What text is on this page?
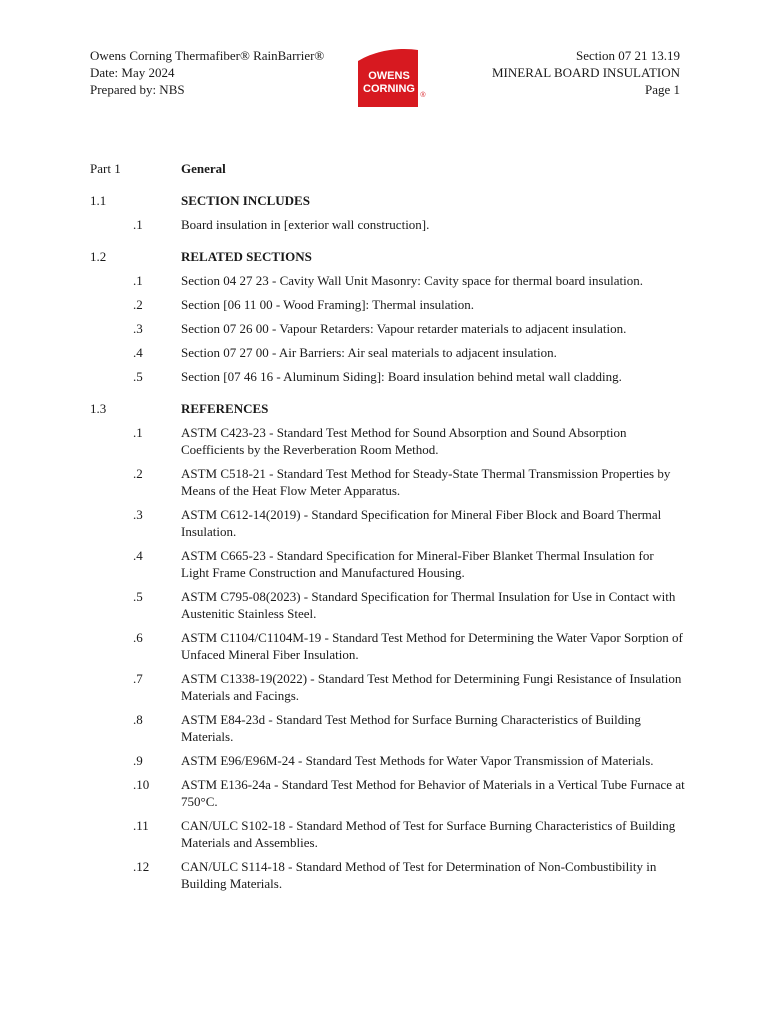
Owens Corning Thermafiber® RainBarrier®
Date: May 2024
Prepared by: NBS
OWENS
CORNING
®
Section 07 21 13.19
MINERAL BOARD INSULATION
Page 1
Part 1	General
1.1	SECTION INCLUDES
.1	Board insulation in [exterior wall construction].
1.2	RELATED SECTIONS
.1	Section 04 27 23 - Cavity Wall Unit Masonry: Cavity space for thermal board insulation.
.2	Section [06 11 00 - Wood Framing]: Thermal insulation.
.3	Section 07 26 00 - Vapour Retarders: Vapour retarder materials to adjacent insulation.
.4	Section 07 27 00 - Air Barriers: Air seal materials to adjacent insulation.
.5	Section [07 46 16 - Aluminum Siding]: Board insulation behind metal wall cladding.
1.3	REFERENCES
.1	ASTM C423-23 - Standard Test Method for Sound Absorption and Sound Absorption Coefficients by the Reverberation Room Method.
.2	ASTM C518-21 - Standard Test Method for Steady-State Thermal Transmission Properties by Means of the Heat Flow Meter Apparatus.
.3	ASTM C612-14(2019) - Standard Specification for Mineral Fiber Block and Board Thermal Insulation.
.4	ASTM C665-23 - Standard Specification for Mineral-Fiber Blanket Thermal Insulation for Light Frame Construction and Manufactured Housing.
.5	ASTM C795-08(2023) - Standard Specification for Thermal Insulation for Use in Contact with Austenitic Stainless Steel.
.6	ASTM C1104/C1104M-19 - Standard Test Method for Determining the Water Vapor Sorption of Unfaced Mineral Fiber Insulation.
.7	ASTM C1338-19(2022) - Standard Test Method for Determining Fungi Resistance of Insulation Materials and Facings.
.8	ASTM E84-23d - Standard Test Method for Surface Burning Characteristics of Building Materials.
.9	ASTM E96/E96M-24 - Standard Test Methods for Water Vapor Transmission of Materials.
.10	ASTM E136-24a - Standard Test Method for Behavior of Materials in a Vertical Tube Furnace at 750°C.
.11	CAN/ULC S102-18 - Standard Method of Test for Surface Burning Characteristics of Building Materials and Assemblies.
.12	CAN/ULC S114-18 - Standard Method of Test for Determination of Non-Combustibility in Building Materials.
